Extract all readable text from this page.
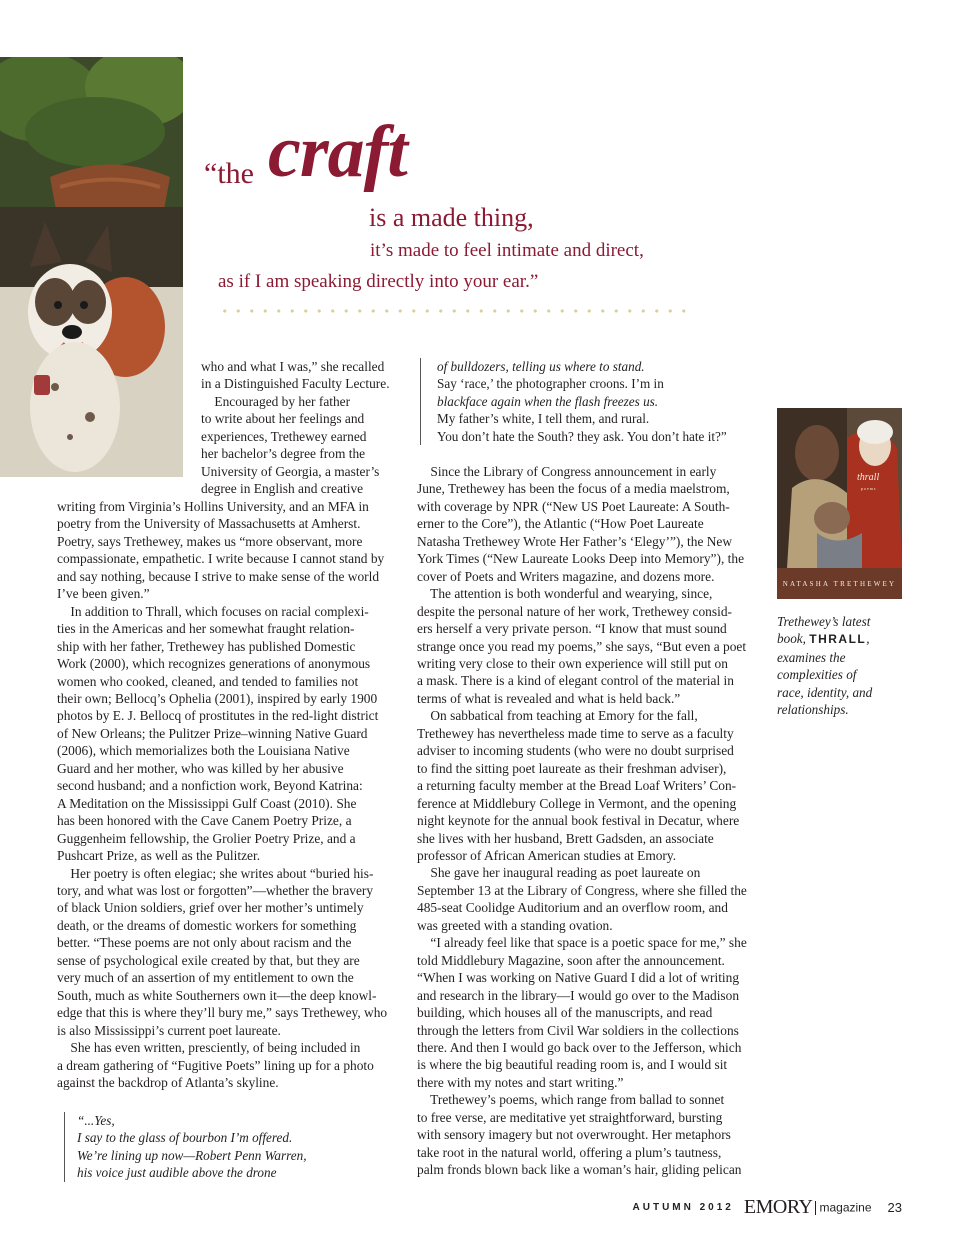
“the craft
is a made thing,
it’s made to feel intimate and direct,
as if I am speaking directly into your ear.”
who and what I was,” she recalled
in a Distinguished Faculty Lecture.
Encouraged by her father
to write about her feelings and
experiences, Trethewey earned
her bachelor’s degree from the
University of Georgia, a master’s
degree in English and creative
writing from Virginia’s Hollins University, and an MFA in
poetry from the University of Massachusetts at Amherst.
Poetry, says Trethewey, makes us “more observant, more
compassionate, empathetic. I write because I cannot stand by
and say nothing, because I strive to make sense of the world
I’ve been given.”
In addition to Thrall, which focuses on racial complexi-
ties in the Americas and her somewhat fraught relation-
ship with her father, Trethewey has published Domestic
Work (2000), which recognizes generations of anonymous
women who cooked, cleaned, and tended to families not
their own; Bellocq’s Ophelia (2001), inspired by early 1900
photos by E. J. Bellocq of prostitutes in the red-light district
of New Orleans; the Pulitzer Prize–winning Native Guard
(2006), which memorializes both the Louisiana Native
Guard and her mother, who was killed by her abusive
second husband; and a nonfiction work, Beyond Katrina:
A Meditation on the Mississippi Gulf Coast (2010). She
has been honored with the Cave Canem Poetry Prize, a
Guggenheim fellowship, the Grolier Poetry Prize, and a
Pushcart Prize, as well as the Pulitzer.
Her poetry is often elegiac; she writes about “buried his-
tory, and what was lost or forgotten”—whether the bravery
of black Union soldiers, grief over her mother’s untimely
death, or the dreams of domestic workers for something
better. “These poems are not only about racism and the
sense of psychological exile created by that, but they are
very much of an assertion of my entitlement to own the
South, much as white Southerners own it—the deep knowl-
edge that this is where they’ll bury me,” says Trethewey, who
is also Mississippi’s current poet laureate.
She has even written, presciently, of being included in
a dream gathering of “Fugitive Poets” lining up for a photo
against the backdrop of Atlanta’s skyline.
“...Yes,
I say to the glass of bourbon I’m offered.
We’re lining up now—Robert Penn Warren,
his voice just audible above the drone
of bulldozers, telling us where to stand.
Say ‘race,’ the photographer croons. I’m in
blackface again when the flash freezes us.
My father’s white, I tell them, and rural.
You don’t hate the South? they ask. You don’t hate it?”
Since the Library of Congress announcement in early
June, Trethewey has been the focus of a media maelstrom,
with coverage by NPR (“New US Poet Laureate: A South-
erner to the Core”), the Atlantic (“How Poet Laureate
Natasha Trethewey Wrote Her Father’s ‘Elegy’”), the New
York Times (“New Laureate Looks Deep into Memory”), the
cover of Poets and Writers magazine, and dozens more.
The attention is both wonderful and wearying, since,
despite the personal nature of her work, Trethewey consid-
ers herself a very private person. “I know that must sound
strange once you read my poems,” she says, “But even a poet
writing very close to their own experience will still put on
a mask. There is a kind of elegant control of the material in
terms of what is revealed and what is held back.”
On sabbatical from teaching at Emory for the fall,
Trethewey has nevertheless made time to serve as a faculty
adviser to incoming students (who were no doubt surprised
to find the sitting poet laureate as their freshman adviser),
a returning faculty member at the Bread Loaf Writers’ Con-
ference at Middlebury College in Vermont, and the opening
night keynote for the annual book festival in Decatur, where
she lives with her husband, Brett Gadsden, an associate
professor of African American studies at Emory.
She gave her inaugural reading as poet laureate on
September 13 at the Library of Congress, where she filled the
485-seat Coolidge Auditorium and an overflow room, and
was greeted with a standing ovation.
“I already feel like that space is a poetic space for me,” she
told Middlebury Magazine, soon after the announcement.
“When I was working on Native Guard I did a lot of writing
and research in the library—I would go over to the Madison
building, which houses all of the manuscripts, and read
through the letters from Civil War soldiers in the collections
there. And then I would go back over to the Jefferson, which
is where the big beautiful reading room is, and I would sit
there with my notes and start writing.”
Trethewey’s poems, which range from ballad to sonnet
to free verse, are meditative yet straightforward, bursting
with sensory imagery but not overwrought. Her metaphors
take root in the natural world, offering a plum’s tautness,
palm fronds blown back like a woman’s hair, gliding pelican
thrall
poems
NATASHA TRETHEWEY
Trethewey’s latest
book, THRALL,
examines the
complexities of
race, identity, and
relationships.
AUTUMN 2012 EMORY magazine 23
